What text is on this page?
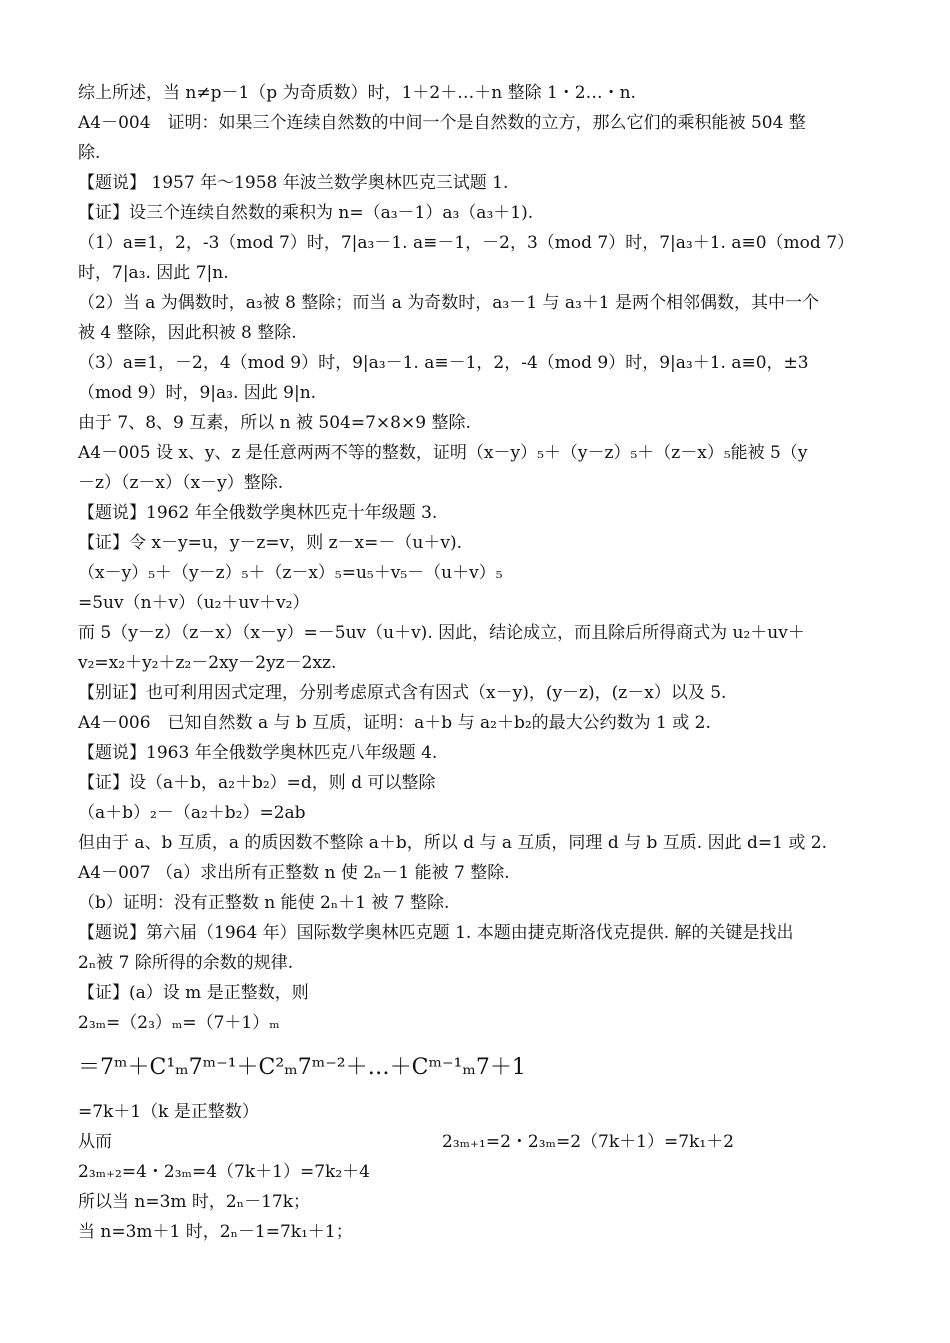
综上所述，当 n≠p－1（p 为奇质数）时，1＋2＋…＋n 整除 1・2…・n.
A4－004　证明：如果三个连续自然数的中间一个是自然数的立方，那么它们的乘积能被 504 整
除.
【题说】 1957 年～1958 年波兰数学奥林匹克三试题 1.
【证】设三个连续自然数的乘积为 n=（a₃－1）a₃（a₃＋1).
（1）a≡1，2，-3（mod 7）时，7|a₃－1. a≡－1，－2，3（mod 7）时，7|a₃＋1. a≡0（mod 7）
时，7|a₃. 因此 7|n.
（2）当 a 为偶数时，a₃被 8 整除；而当 a 为奇数时，a₃－1 与 a₃＋1 是两个相邻偶数，其中一个
被 4 整除，因此积被 8 整除.
（3）a≡1，－2，4（mod 9）时，9|a₃－1. a≡－1，2，-4（mod 9）时，9|a₃＋1. a≡0，±3
（mod 9）时，9|a₃. 因此 9|n.
由于 7、8、9 互素，所以 n 被 504=7×8×9 整除.
A4－005 设 x、y、z 是任意两两不等的整数，证明（x－y）₅＋（y－z）₅＋（z－x）₅能被 5（y
－z）（z－x）（x－y）整除.
【题说】1962 年全俄数学奥林匹克十年级题 3.
【证】令 x－y=u，y－z=v，则 z－x=－（u＋v).
（x－y）₅＋（y－z）₅＋（z－x）₅=u₅＋v₅－（u＋v）₅
=5uv（n＋v）（u₂＋uv＋v₂）
而 5（y－z）（z－x）（x－y）=－5uv（u＋v). 因此，结论成立，而且除后所得商式为 u₂＋uv＋
v₂=x₂＋y₂＋z₂－2xy－2yz－2xz.
【别证】也可利用因式定理，分别考虑原式含有因式（x－y)，(y－z)，(z－x）以及 5.
A4－006　已知自然数 a 与 b 互质，证明：a＋b 与 a₂＋b₂的最大公约数为 1 或 2.
【题说】1963 年全俄数学奥林匹克八年级题 4.
【证】设（a＋b，a₂＋b₂）=d，则 d 可以整除
（a＋b）₂－（a₂＋b₂）=2ab
但由于 a、b 互质，a 的质因数不整除 a＋b，所以 d 与 a 互质，同理 d 与 b 互质. 因此 d=1 或 2.
A4－007 （a）求出所有正整数 n 使 2ₙ－1 能被 7 整除.
（b）证明：没有正整数 n 能使 2ₙ＋1 被 7 整除.
【题说】第六届（1964 年）国际数学奥林匹克题 1. 本题由捷克斯洛伐克提供. 解的关键是找出
2ₙ被 7 除所得的余数的规律.
【证】(a）设 m 是正整数，则
2₃ₘ=（2₃）ₘ=（7＋1）ₘ
＝7ᵐ＋C¹ₘ7ᵐ⁻¹＋C²ₘ7ᵐ⁻²＋…＋Cᵐ⁻¹ₘ7＋1
=7k＋1（k 是正整数）
从而	2₃ₘ₊₁=2・2₃ₘ=2（7k＋1）=7k₁＋2
2₃ₘ₊₂=4・2₃ₘ=4（7k＋1）=7k₂＋4
所以当 n=3m 时，2ₙ－17k；
当 n=3m＋1 时，2ₙ－1=7k₁＋1；
